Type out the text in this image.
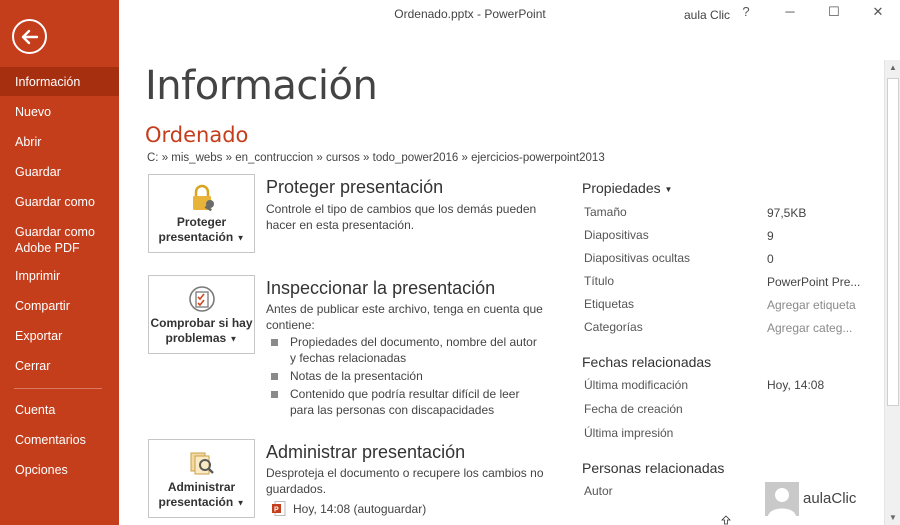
Información
Nuevo
Abrir
Guardar
Guardar como
Guardar como Adobe PDF
Imprimir
Compartir
Exportar
Cerrar
Cuenta
Comentarios
Opciones
Ordenado.pptx - PowerPoint	aula Clic ?	─	☐	✕
Información
Ordenado
C: » mis_webs » en_contruccion » cursos » todo_power2016 » ejercicios-powerpoint2013
Proteger
presentación ▼
Proteger presentación
Controle el tipo de cambios que los demás pueden hacer en esta presentación.
Comprobar si hay
problemas ▼
Inspeccionar la presentación
Antes de publicar este archivo, tenga en cuenta que contiene:
Propiedades del documento, nombre del autor y fechas relacionadas
Notas de la presentación
Contenido que podría resultar difícil de leer para las personas con discapacidades
Administrar
presentación ▼
Administrar presentación
Desproteja el documento o recupere los cambios no guardados.
P Hoy, 14:08 (autoguardar)
Propiedades ▼
Tamaño	97,5KB
Diapositivas	9
Diapositivas ocultas	0
Título	PowerPoint Pre...
Etiquetas	Agregar etiqueta
Categorías	Agregar categ...
Fechas relacionadas
Última modificación	Hoy, 14:08
Fecha de creación
Última impresión
Personas relacionadas
Autor	aulaClic
▲
▼
